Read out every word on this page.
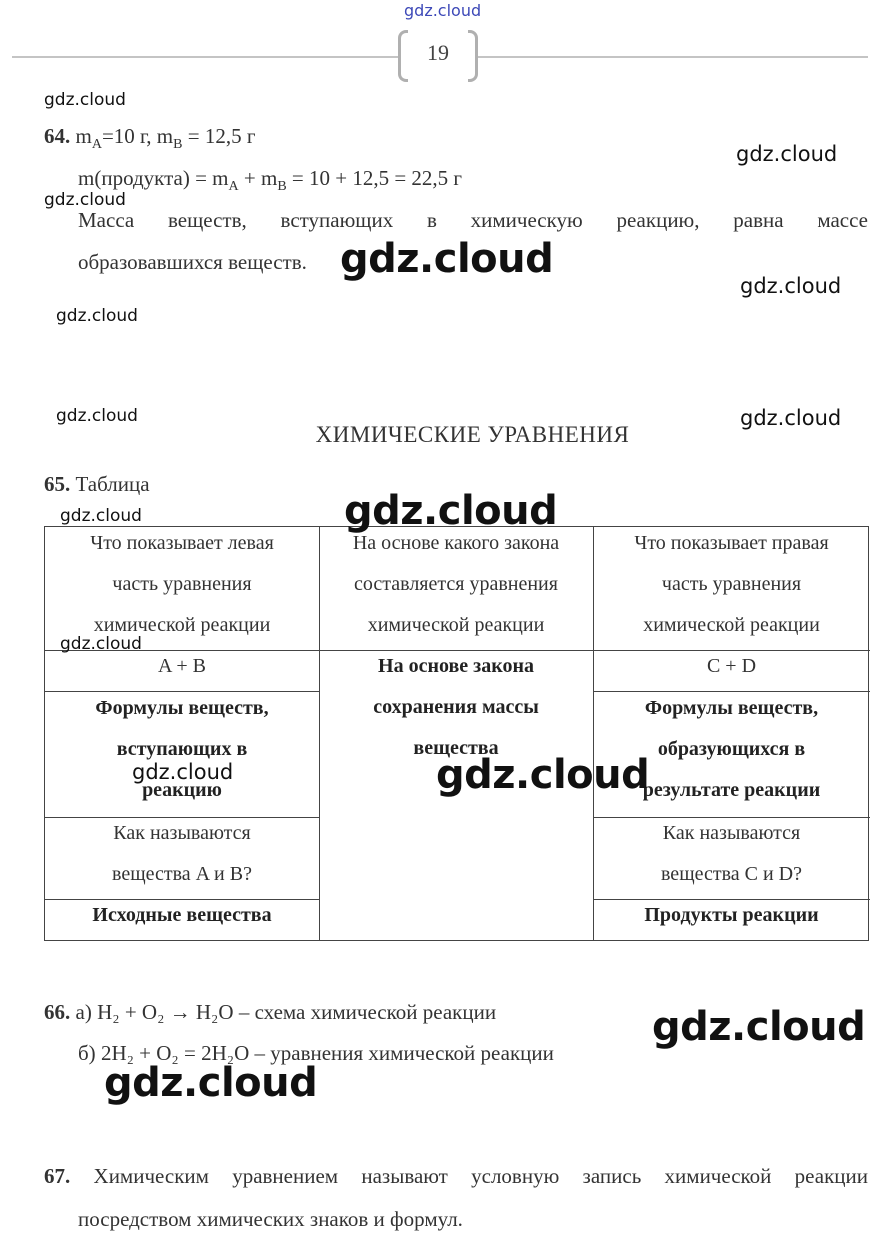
gdz.cloud
19
64. $m_A=10$ г, $m_B = 12,5$ г
m(продукта) = $m_A + m_B = 10 + 12,5 = 22,5$ г
Масса веществ, вступающих в химическую реакцию, равна массе
образовавшихся веществ.
ХИМИЧЕСКИЕ УРАВНЕНИЯ
65. Таблица
Что показывает левая
часть уравнения
химической реакции
На основе какого закона
составляется уравнения
химической реакции
Что показывает правая
часть уравнения
химической реакции
A + B
Формулы веществ,
вступающих в
реакцию
Как называются
вещества A и B?
Исходные вещества
На основе закона
сохранения массы
вещества
C + D
Формулы веществ,
образующихся в
результате реакции
Как называются
вещества C и D?
Продукты реакции
66. а) H₂ + O₂ → H₂O – схема химической реакции
б) 2H₂ + O₂ = 2H₂O – уравнения химической реакции
67. Химическим уравнением называют условную запись химической реакции
посредством химических знаков и формул.
gdz.cloud
gdz.cloud
gdz.cloud
gdz.cloud
gdz.cloud
gdz.cloud
gdz.cloud	gdz.cloud
gdz.cloud
gdz.cloud
gdz.cloud
gdz.cloud	gdz.cloud
gdz.cloud
gdz.cloud
